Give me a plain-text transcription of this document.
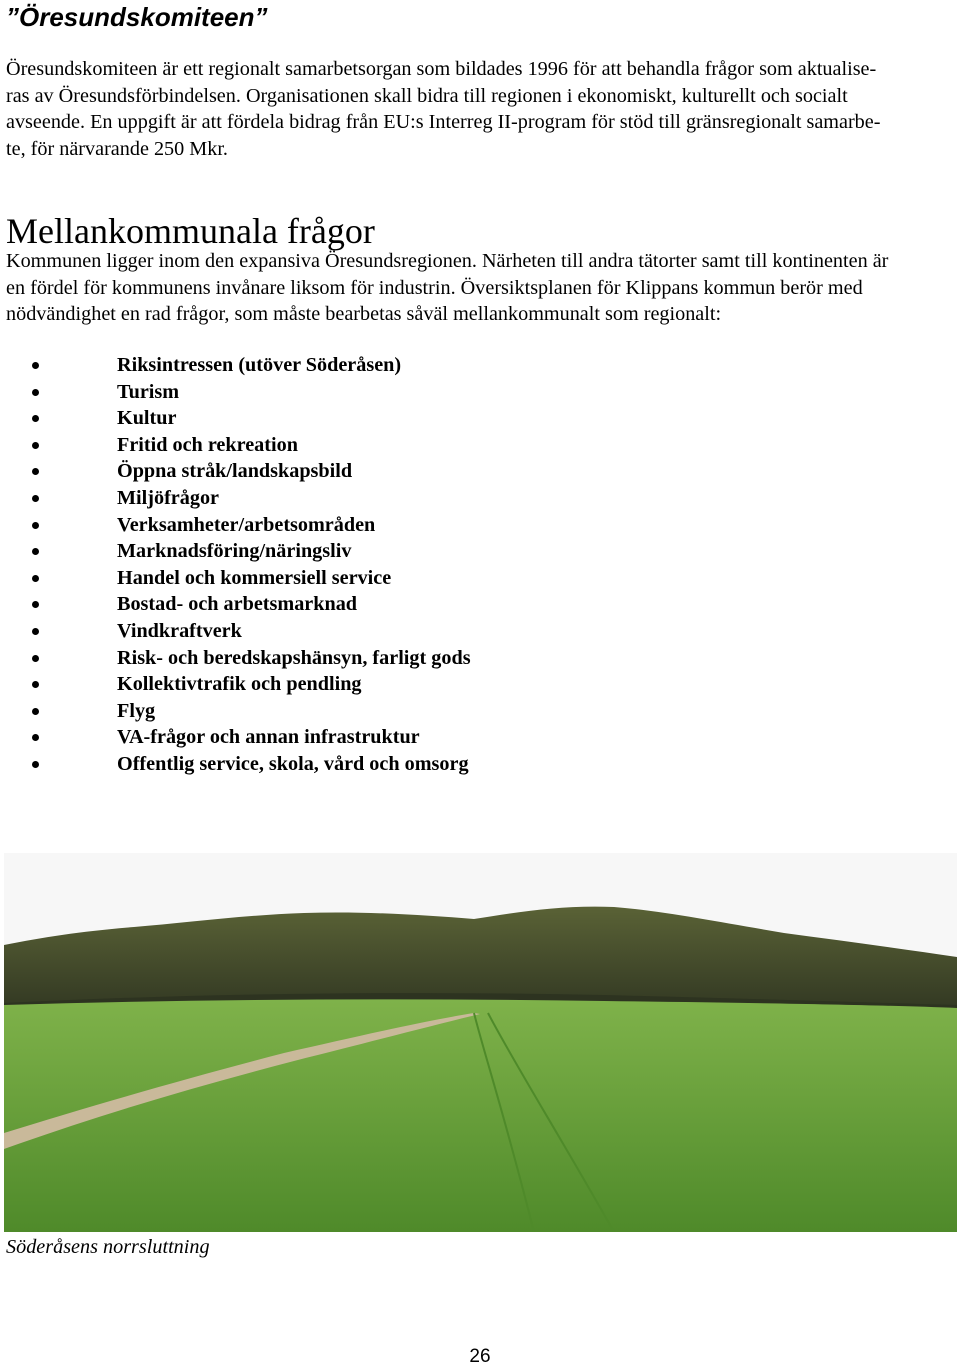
”Öresundskomiteen”

Öresundskomiteen är ett regionalt samarbetsorgan som bildades 1996 för att behandla frågor som aktualise-
ras av Öresundsförbindelsen. Organisationen skall bidra till regionen i ekonomiskt, kulturellt och socialt
avseende. En uppgift är att fördela bidrag från EU:s Interreg II-program för stöd till gränsregionalt samarbe-
te, för närvarande 250 Mkr.

Mellankommunala frågor

Kommunen ligger inom den expansiva Öresundsregionen. Närheten till andra tätorter samt till kontinenten är
en fördel för kommunens invånare liksom för industrin. Översiktsplanen för Klippans kommun berör med
nödvändighet en rad frågor, som måste bearbetas såväl mellankommunalt som regionalt:

Riksintressen (utöver Söderåsen)
Turism
Kultur
Fritid och rekreation
Öppna stråk/landskapsbild
Miljöfrågor
Verksamheter/arbetsområden
Marknadsföring/näringsliv
Handel och kommersiell service
Bostad- och arbetsmarknad
Vindkraftverk
Risk- och beredskapshänsyn, farligt gods
Kollektivtrafik och pendling
Flyg
VA-frågor och annan infrastruktur
Offentlig service, skola, vård och omsorg
Söderåsens norrsluttning
26
